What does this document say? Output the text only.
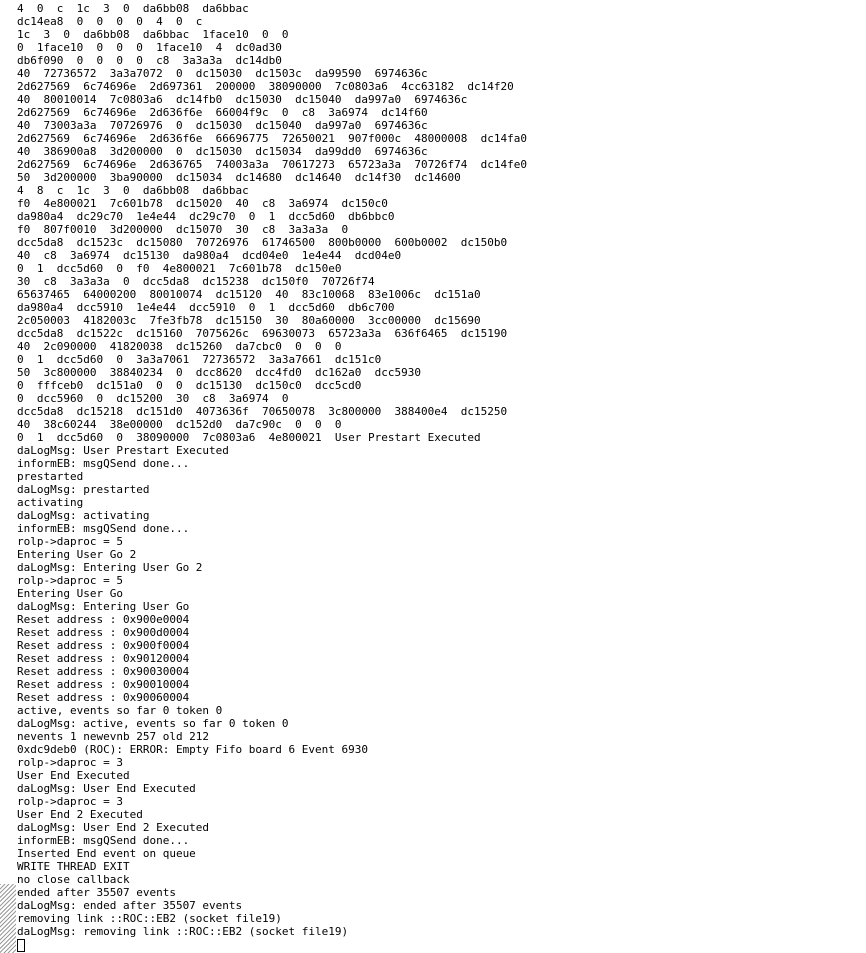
4  0  c  1c  3  0  da6bb08  da6bbac
dc14ea8  0  0  0  0  4  0  c
1c  3  0  da6bb08  da6bbac  1face10  0  0
0  1face10  0  0  0  1face10  4  dc0ad30
db6f090  0  0  0  0  c8  3a3a3a  dc14db0
40  72736572  3a3a7072  0  dc15030  dc1503c  da99590  6974636c
2d627569  6c74696e  2d697361  200000  38090000  7c0803a6  4cc63182  dc14f20
40  80010014  7c0803a6  dc14fb0  dc15030  dc15040  da997a0  6974636c
2d627569  6c74696e  2d636f6e  66004f9c  0  c8  3a6974  dc14f60
40  73003a3a  70726976  0  dc15030  dc15040  da997a0  6974636c
2d627569  6c74696e  2d636f6e  66696775  72650021  907f000c  48000008  dc14fa0
40  386900a8  3d200000  0  dc15030  dc15034  da99dd0  6974636c
2d627569  6c74696e  2d636765  74003a3a  70617273  65723a3a  70726f74  dc14fe0
50  3d200000  3ba90000  dc15034  dc14680  dc14640  dc14f30  dc14600
4  8  c  1c  3  0  da6bb08  da6bbac
f0  4e800021  7c601b78  dc15020  40  c8  3a6974  dc150c0
da980a4  dc29c70  1e4e44  dc29c70  0  1  dcc5d60  db6bbc0
f0  807f0010  3d200000  dc15070  30  c8  3a3a3a  0
dcc5da8  dc1523c  dc15080  70726976  61746500  800b0000  600b0002  dc150b0
40  c8  3a6974  dc15130  da980a4  dcd04e0  1e4e44  dcd04e0
0  1  dcc5d60  0  f0  4e800021  7c601b78  dc150e0
30  c8  3a3a3a  0  dcc5da8  dc15238  dc150f0  70726f74
65637465  64000200  80010074  dc15120  40  83c10068  83e1006c  dc151a0
da980a4  dcc5910  1e4e44  dcc5910  0  1  dcc5d60  db6c700
2c050003  4182003c  7fe3fb78  dc15150  30  80a60000  3cc00000  dc15690
dcc5da8  dc1522c  dc15160  7075626c  69630073  65723a3a  636f6465  dc15190
40  2c090000  41820038  dc15260  da7cbc0  0  0  0
0  1  dcc5d60  0  3a3a7061  72736572  3a3a7661  dc151c0
50  3c800000  38840234  0  dcc8620  dcc4fd0  dc162a0  dcc5930
0  fffceb0  dc151a0  0  0  dc15130  dc150c0  dcc5cd0
0  dcc5960  0  dc15200  30  c8  3a6974  0
dcc5da8  dc15218  dc151d0  4073636f  70650078  3c800000  388400e4  dc15250
40  38c60244  38e00000  dc152d0  da7c90c  0  0  0
0  1  dcc5d60  0  38090000  7c0803a6  4e800021  User Prestart Executed
daLogMsg: User Prestart Executed
informEB: msgQSend done...
prestarted
daLogMsg: prestarted
activating
daLogMsg: activating
informEB: msgQSend done...
rolp->daproc = 5
Entering User Go 2
daLogMsg: Entering User Go 2
rolp->daproc = 5
Entering User Go
daLogMsg: Entering User Go
Reset address : 0x900e0004
Reset address : 0x900d0004
Reset address : 0x900f0004
Reset address : 0x90120004
Reset address : 0x90030004
Reset address : 0x90010004
Reset address : 0x90060004
active, events so far 0 token 0
daLogMsg: active, events so far 0 token 0
nevents 1 newevnb 257 old 212
0xdc9deb0 (ROC): ERROR: Empty Fifo board 6 Event 6930
rolp->daproc = 3
User End Executed
daLogMsg: User End Executed
rolp->daproc = 3
User End 2 Executed
daLogMsg: User End 2 Executed
informEB: msgQSend done...
Inserted End event on queue
WRITE THREAD EXIT
no close callback
ended after 35507 events
daLogMsg: ended after 35507 events
removing link ::ROC::EB2 (socket file19)
daLogMsg: removing link ::ROC::EB2 (socket file19)
